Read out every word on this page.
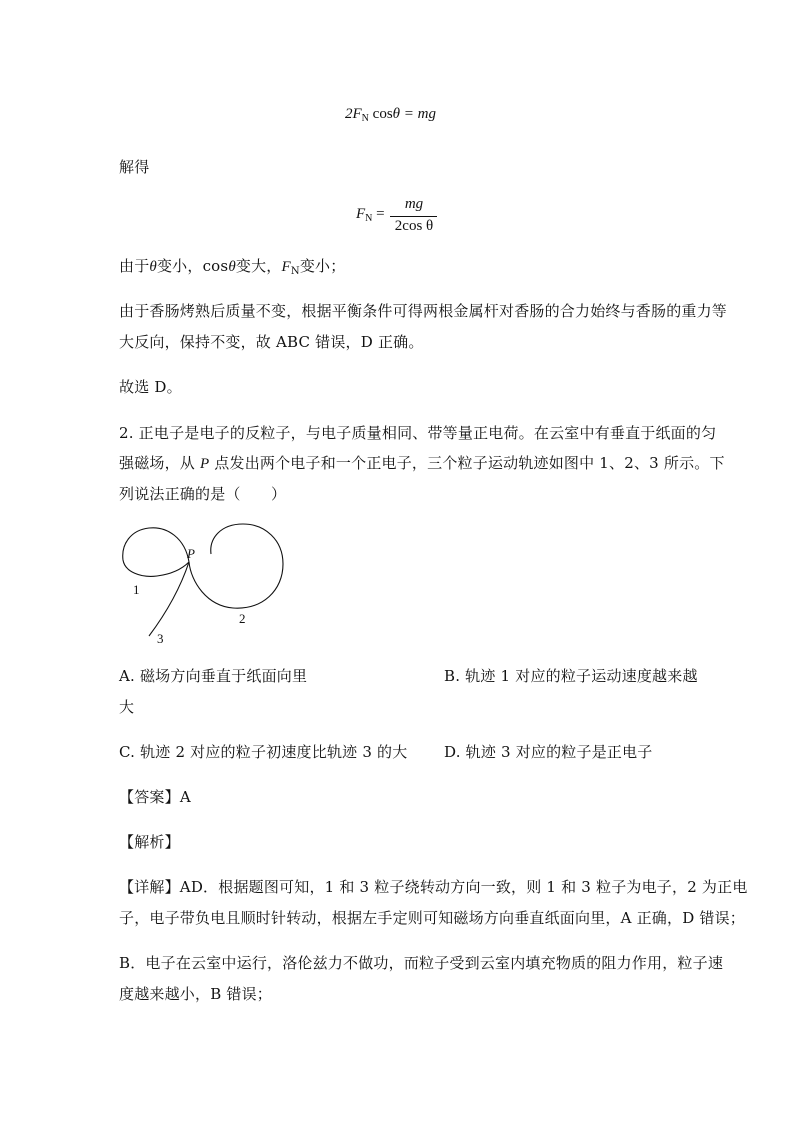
$2F_N$ cosθ = mg
解得
$F_N$ =
mg
2cos θ
由于θ变小，cosθ变大，$F_N$变小；
由于香肠烤熟后质量不变，根据平衡条件可得两根金属杆对香肠的合力始终与香肠的重力等
大反向，保持不变，故 ABC 错误，D 正确。
故选 D。
2. 正电子是电子的反粒子，与电子质量相同、带等量正电荷。在云室中有垂直于纸面的匀
强磁场，从 P 点发出两个电子和一个正电子，三个粒子运动轨迹如图中 1、2、3 所示。下
列说法正确的是（　　）
P
1
2
3
A. 磁场方向垂直于纸面向里	B. 轨迹 1 对应的粒子运动速度越来越
大
C. 轨迹 2 对应的粒子初速度比轨迹 3 的大 D. 轨迹 3 对应的粒子是正电子
【答案】A
【解析】
【详解】AD．根据题图可知，1 和 3 粒子绕转动方向一致，则 1 和 3 粒子为电子，2 为正电
子，电子带负电且顺时针转动，根据左手定则可知磁场方向垂直纸面向里，A 正确，D 错误；
B．电子在云室中运行，洛伦兹力不做功，而粒子受到云室内填充物质的阻力作用，粒子速
度越来越小，B 错误；
